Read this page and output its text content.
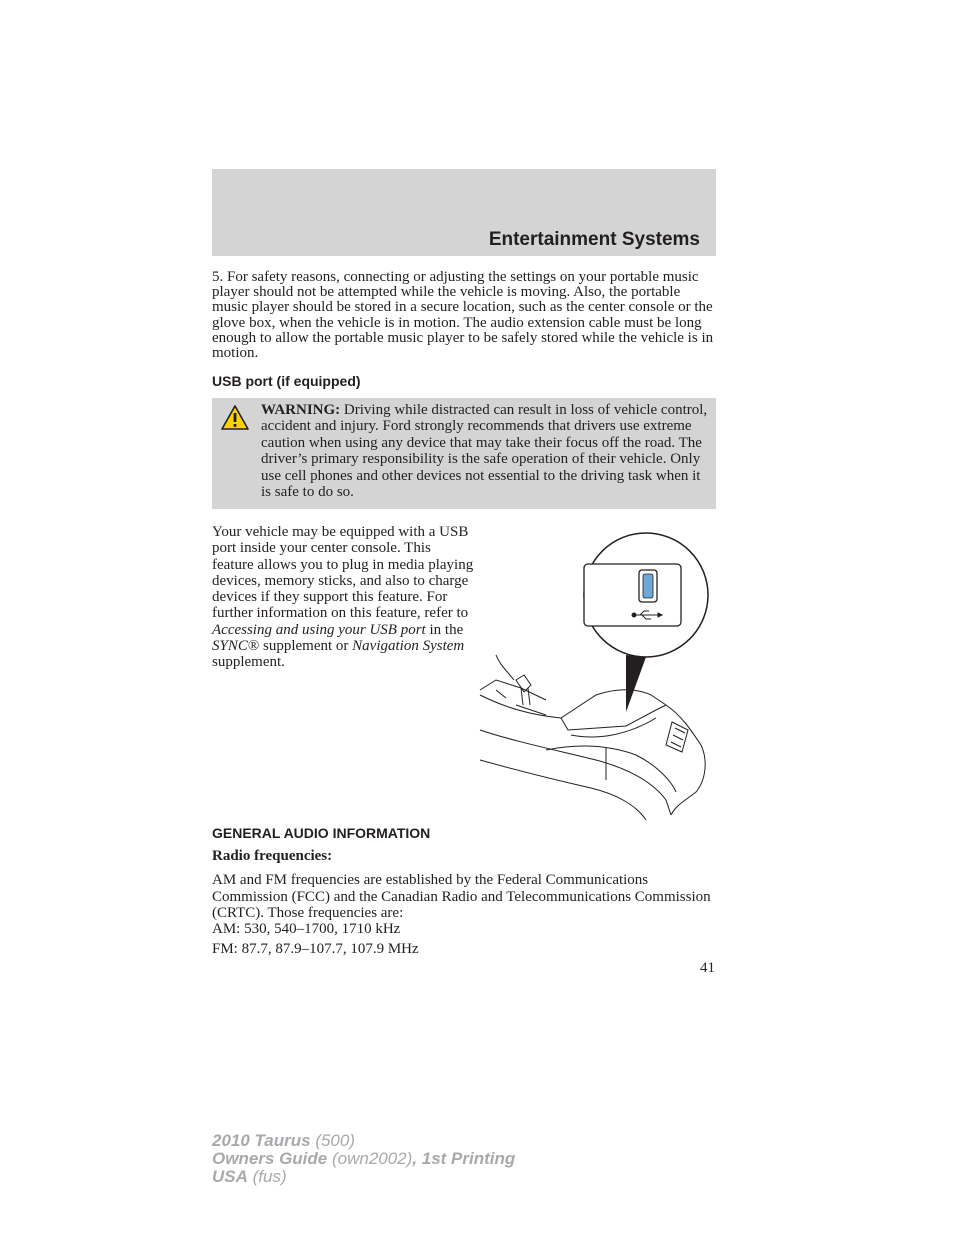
Entertainment Systems
5. For safety reasons, connecting or adjusting the settings on your portable music player should not be attempted while the vehicle is moving. Also, the portable music player should be stored in a secure location, such as the center console or the glove box, when the vehicle is in motion. The audio extension cable must be long enough to allow the portable music player to be safely stored while the vehicle is in motion.
USB port (if equipped)
WARNING: Driving while distracted can result in loss of vehicle control, accident and injury. Ford strongly recommends that drivers use extreme caution when using any device that may take their focus off the road. The driver’s primary responsibility is the safe operation of their vehicle. Only use cell phones and other devices not essential to the driving task when it is safe to do so.
Your vehicle may be equipped with a USB port inside your center console. This feature allows you to plug in media playing devices, memory sticks, and also to charge devices if they support this feature. For further information on this feature, refer to Accessing and using your USB port in the SYNC® supplement or Navigation System supplement.
GENERAL AUDIO INFORMATION
Radio frequencies:
AM and FM frequencies are established by the Federal Communications Commission (FCC) and the Canadian Radio and Telecommunications Commission (CRTC). Those frequencies are:
AM: 530, 540–1700, 1710 kHz
FM: 87.7, 87.9–107.7, 107.9 MHz
41
2010 Taurus (500)
Owners Guide (own2002), 1st Printing
USA (fus)
